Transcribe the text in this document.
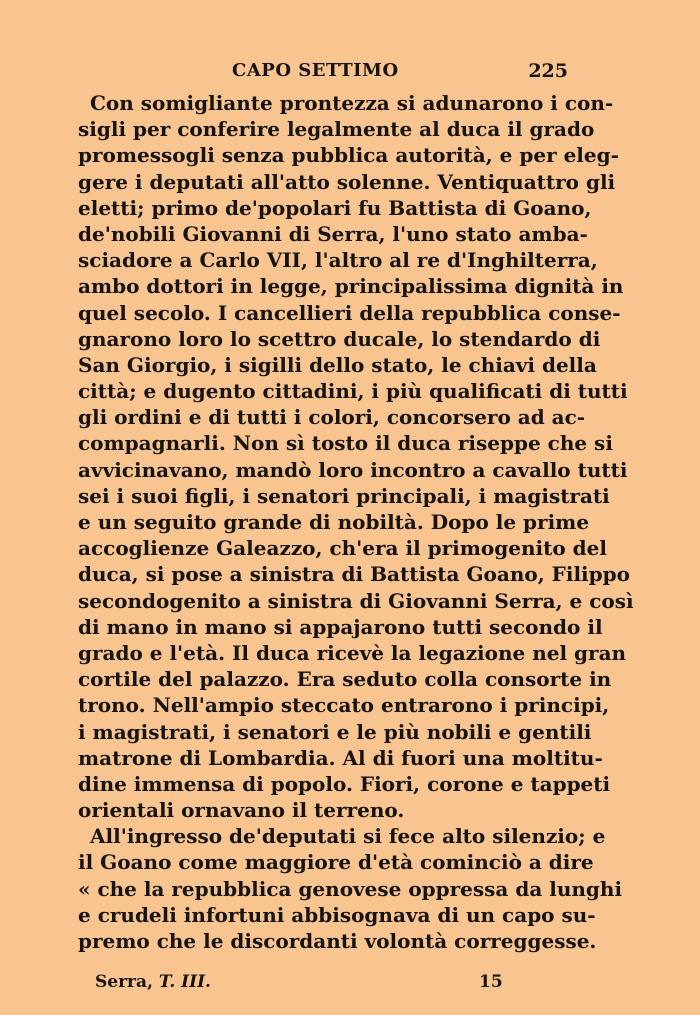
CAPO SETTIMO	225
Con somigliante prontezza si adunarono i con-
sigli per conferire legalmente al duca il grado
promessogli senza pubblica autorità, e per eleg-
gere i deputati all'atto solenne. Ventiquattro gli
eletti; primo de'popolari fu Battista di Goano,
de'nobili Giovanni di Serra, l'uno stato amba-
sciadore a Carlo VII, l'altro al re d'Inghilterra,
ambo dottori in legge, principalissima dignità in
quel secolo. I cancellieri della repubblica conse-
gnarono loro lo scettro ducale, lo stendardo di
San Giorgio, i sigilli dello stato, le chiavi della
città; e dugento cittadini, i più qualificati di tutti
gli ordini e di tutti i colori, concorsero ad ac-
compagnarli. Non sì tosto il duca riseppe che si
avvicinavano, mandò loro incontro a cavallo tutti
sei i suoi figli, i senatori principali, i magistrati
e un seguito grande di nobiltà. Dopo le prime
accoglienze Galeazzo, ch'era il primogenito del
duca, si pose a sinistra di Battista Goano, Filippo
secondogenito a sinistra di Giovanni Serra, e così
di mano in mano si appajarono tutti secondo il
grado e l'età. Il duca ricevè la legazione nel gran
cortile del palazzo. Era seduto colla consorte in
trono. Nell'ampio steccato entrarono i principi,
i magistrati, i senatori e le più nobili e gentili
matrone di Lombardia. Al di fuori una moltitu-
dine immensa di popolo. Fiori, corone e tappeti
orientali ornavano il terreno.
All'ingresso de'deputati si fece alto silenzio; e
il Goano come maggiore d'età cominciò a dire
« che la repubblica genovese oppressa da lunghi
e crudeli infortuni abbisognava di un capo su-
premo che le discordanti volontà correggesse.
Serra, T. III.	15
